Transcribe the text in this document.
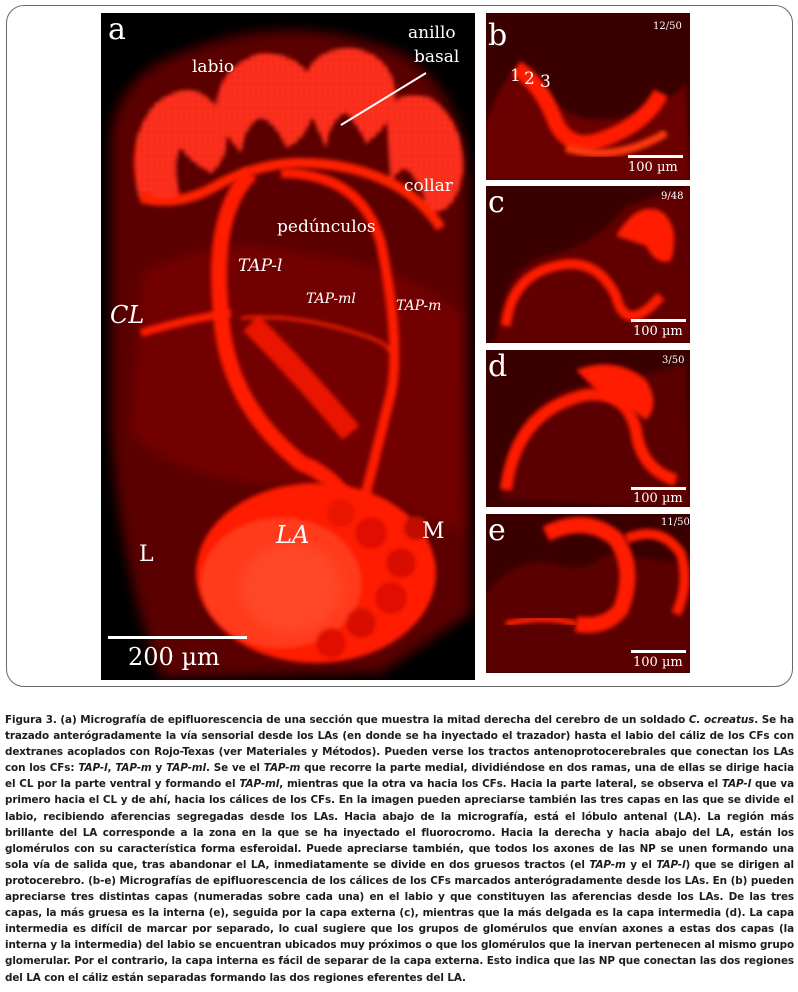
a
labio
anillo
basal
collar
pedúnculos
TAP-l
TAP-ml	TAP-m
CL
L
LA	M
200 µm
b	12/50
1 2 3
100 µm
c	9/48
100 µm
d	3/50
100 µm
e	11/50
100 µm

Figura 3. (a) Micrografía de epifluorescencia de una sección que muestra la mitad derecha del cerebro de un soldado C. ocreatus. Se ha trazado anterógradamente la vía sensorial desde los LAs (en donde se ha inyectado el trazador) hasta el labio del cáliz de los CFs con dextranes acoplados con Rojo-Texas (ver Materiales y Métodos). Pueden verse los tractos antenoprotocerebrales que conectan los LAs con los CFs: TAP-l, TAP-m y TAP-ml. Se ve el TAP-m que recorre la parte medial, dividiéndose en dos ramas, una de ellas se dirige hacia el CL por la parte ventral y formando el TAP-ml, mientras que la otra va hacia los CFs. Hacia la parte lateral, se observa el TAP-l que va primero hacia el CL y de ahí, hacia los cálices de los CFs. En la imagen pueden apreciarse también las tres capas en las que se divide el labio, recibiendo aferencias segregadas desde los LAs. Hacia abajo de la micrografía, está el lóbulo antenal (LA). La región más brillante del LA corresponde a la zona en la que se ha inyectado el fluorocromo. Hacia la derecha y hacia abajo del LA, están los glomérulos con su característica forma esferoidal. Puede apreciarse también, que todos los axones de las NP se unen formando una sola vía de salida que, tras abandonar el LA, inmediatamente se divide en dos gruesos tractos (el TAP-m y el TAP-l) que se dirigen al protocerebro. (b-e) Micrografías de epifluorescencia de los cálices de los CFs marcados anterógradamente desde los LAs. En (b) pueden apreciarse tres distintas capas (numeradas sobre cada una) en el labio y que constituyen las aferencias desde los LAs. De las tres capas, la más gruesa es la interna (e), seguida por la capa externa (c), mientras que la más delgada es la capa intermedia (d). La capa intermedia es difícil de marcar por separado, lo cual sugiere que los grupos de glomérulos que envían axones a estas dos capas (la interna y la intermedia) del labio se encuentran ubicados muy próximos o que los glomérulos que la inervan pertenecen al mismo grupo glomerular. Por el contrario, la capa interna es fácil de separar de la capa externa. Esto indica que las NP que conectan las dos regiones del LA con el cáliz están separadas formando las dos regiones eferentes del LA.
